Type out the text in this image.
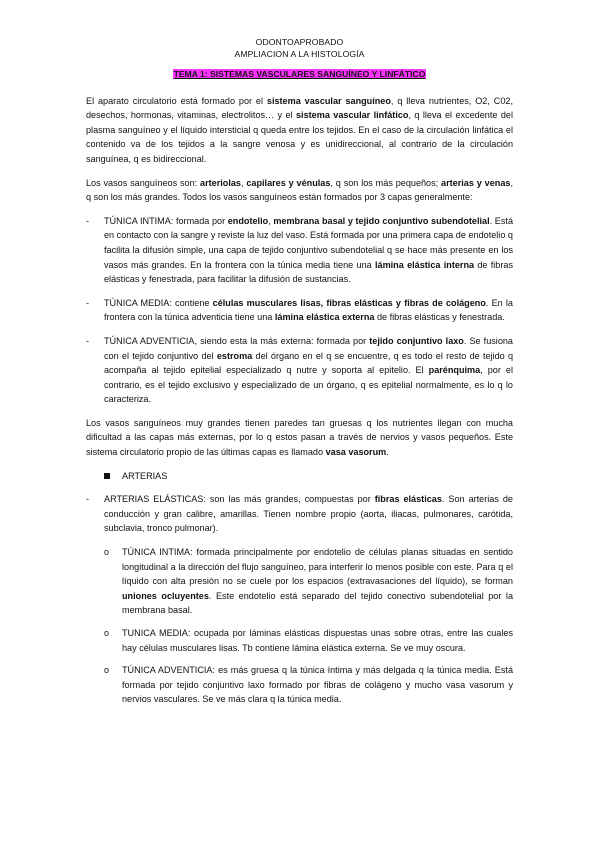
ODONTOAPROBADO
AMPLIACION A LA HISTOLOGÍA
TEMA 1: SISTEMAS VASCULARES SANGUÍNEO Y LINFÁTICO

El aparato circulatorio está formado por el sistema vascular sanguíneo, q lleva nutrientes, O2, C02, desechos, hormonas, vitaminas, electrolitos… y el sistema vascular linfático, q lleva el excedente del plasma sanguíneo y el líquido intersticial q queda entre los tejidos. En el caso de la circulación linfática el contenido va de los tejidos a la sangre venosa y es unidireccional, al contrario de la circulación sanguínea, q es bidireccional.

Los vasos sanguíneos son: arteriolas, capilares y vénulas, q son los más pequeños; arterias y venas, q son los más grandes. Todos los vasos sanguíneos están formados por 3 capas generalmente:

-	TÚNICA INTIMA: formada por endotelio, membrana basal y tejido conjuntivo subendotelial. Está en contacto con la sangre y reviste la luz del vaso. Está formada por una primera capa de endotelio q facilita la difusión simple, una capa de tejido conjuntivo subendotelial q se hace más presente en los vasos más grandes. En la frontera con la túnica media tiene una lámina elástica interna de fibras elásticas y fenestrada, para facilitar la difusión de sustancias.
-	TÚNICA MEDIA: contiene células musculares lisas, fibras elásticas y fibras de colágeno. En la frontera con la túnica adventicia tiene una lámina elástica externa de fibras elásticas y fenestrada.
-	TÚNICA ADVENTICIA, siendo esta la más externa: formada por tejido conjuntivo laxo. Se fusiona con el tejido conjuntivo del estroma del órgano en el q se encuentre, q es todo el resto de tejido q acompaña al tejido epitelial especializado q nutre y soporta al epitelio. El parénquima, por el contrario, es el tejido exclusivo y especializado de un órgano, q es epitelial normalmente, es lo q lo caracteriza.

Los vasos sanguíneos muy grandes tienen paredes tan gruesas q los nutrientes llegan con mucha dificultad a las capas más externas, por lo q estos pasan a través de nervios y vasos pequeños. Este sistema circulatorio propio de las últimas capas es llamado vasa vasorum.

ARTERIAS
-	ARTERIAS ELÁSTICAS: son las más grandes, compuestas por fibras elásticas. Son arterias de conducción y gran calibre, amarillas. Tienen nombre propio (aorta, iliacas, pulmonares, carótida, subclavia, tronco pulmonar).
o	TÚNICA INTIMA: formada principalmente por endotelio de células planas situadas en sentido longitudinal a la dirección del flujo sanguíneo, para interferir lo menos posible con este. Para q el líquido con alta presión no se cuele por los espacios (extravasaciones del líquido), se forman uniones ocluyentes. Este endotelio está separado del tejido conectivo subendotelial por la membrana basal.
o	TUNICA MEDIA: ocupada por láminas elásticas dispuestas unas sobre otras, entre las cuales hay células musculares lisas. Tb contiene lámina elástica externa. Se ve muy oscura.
o	TÚNICA ADVENTICIA: es más gruesa q la túnica íntima y más delgada q la túnica media. Está formada por tejido conjuntivo laxo formado por fibras de colágeno y mucho vasa vasorum y nervios vasculares. Se ve más clara q la túnica media.
